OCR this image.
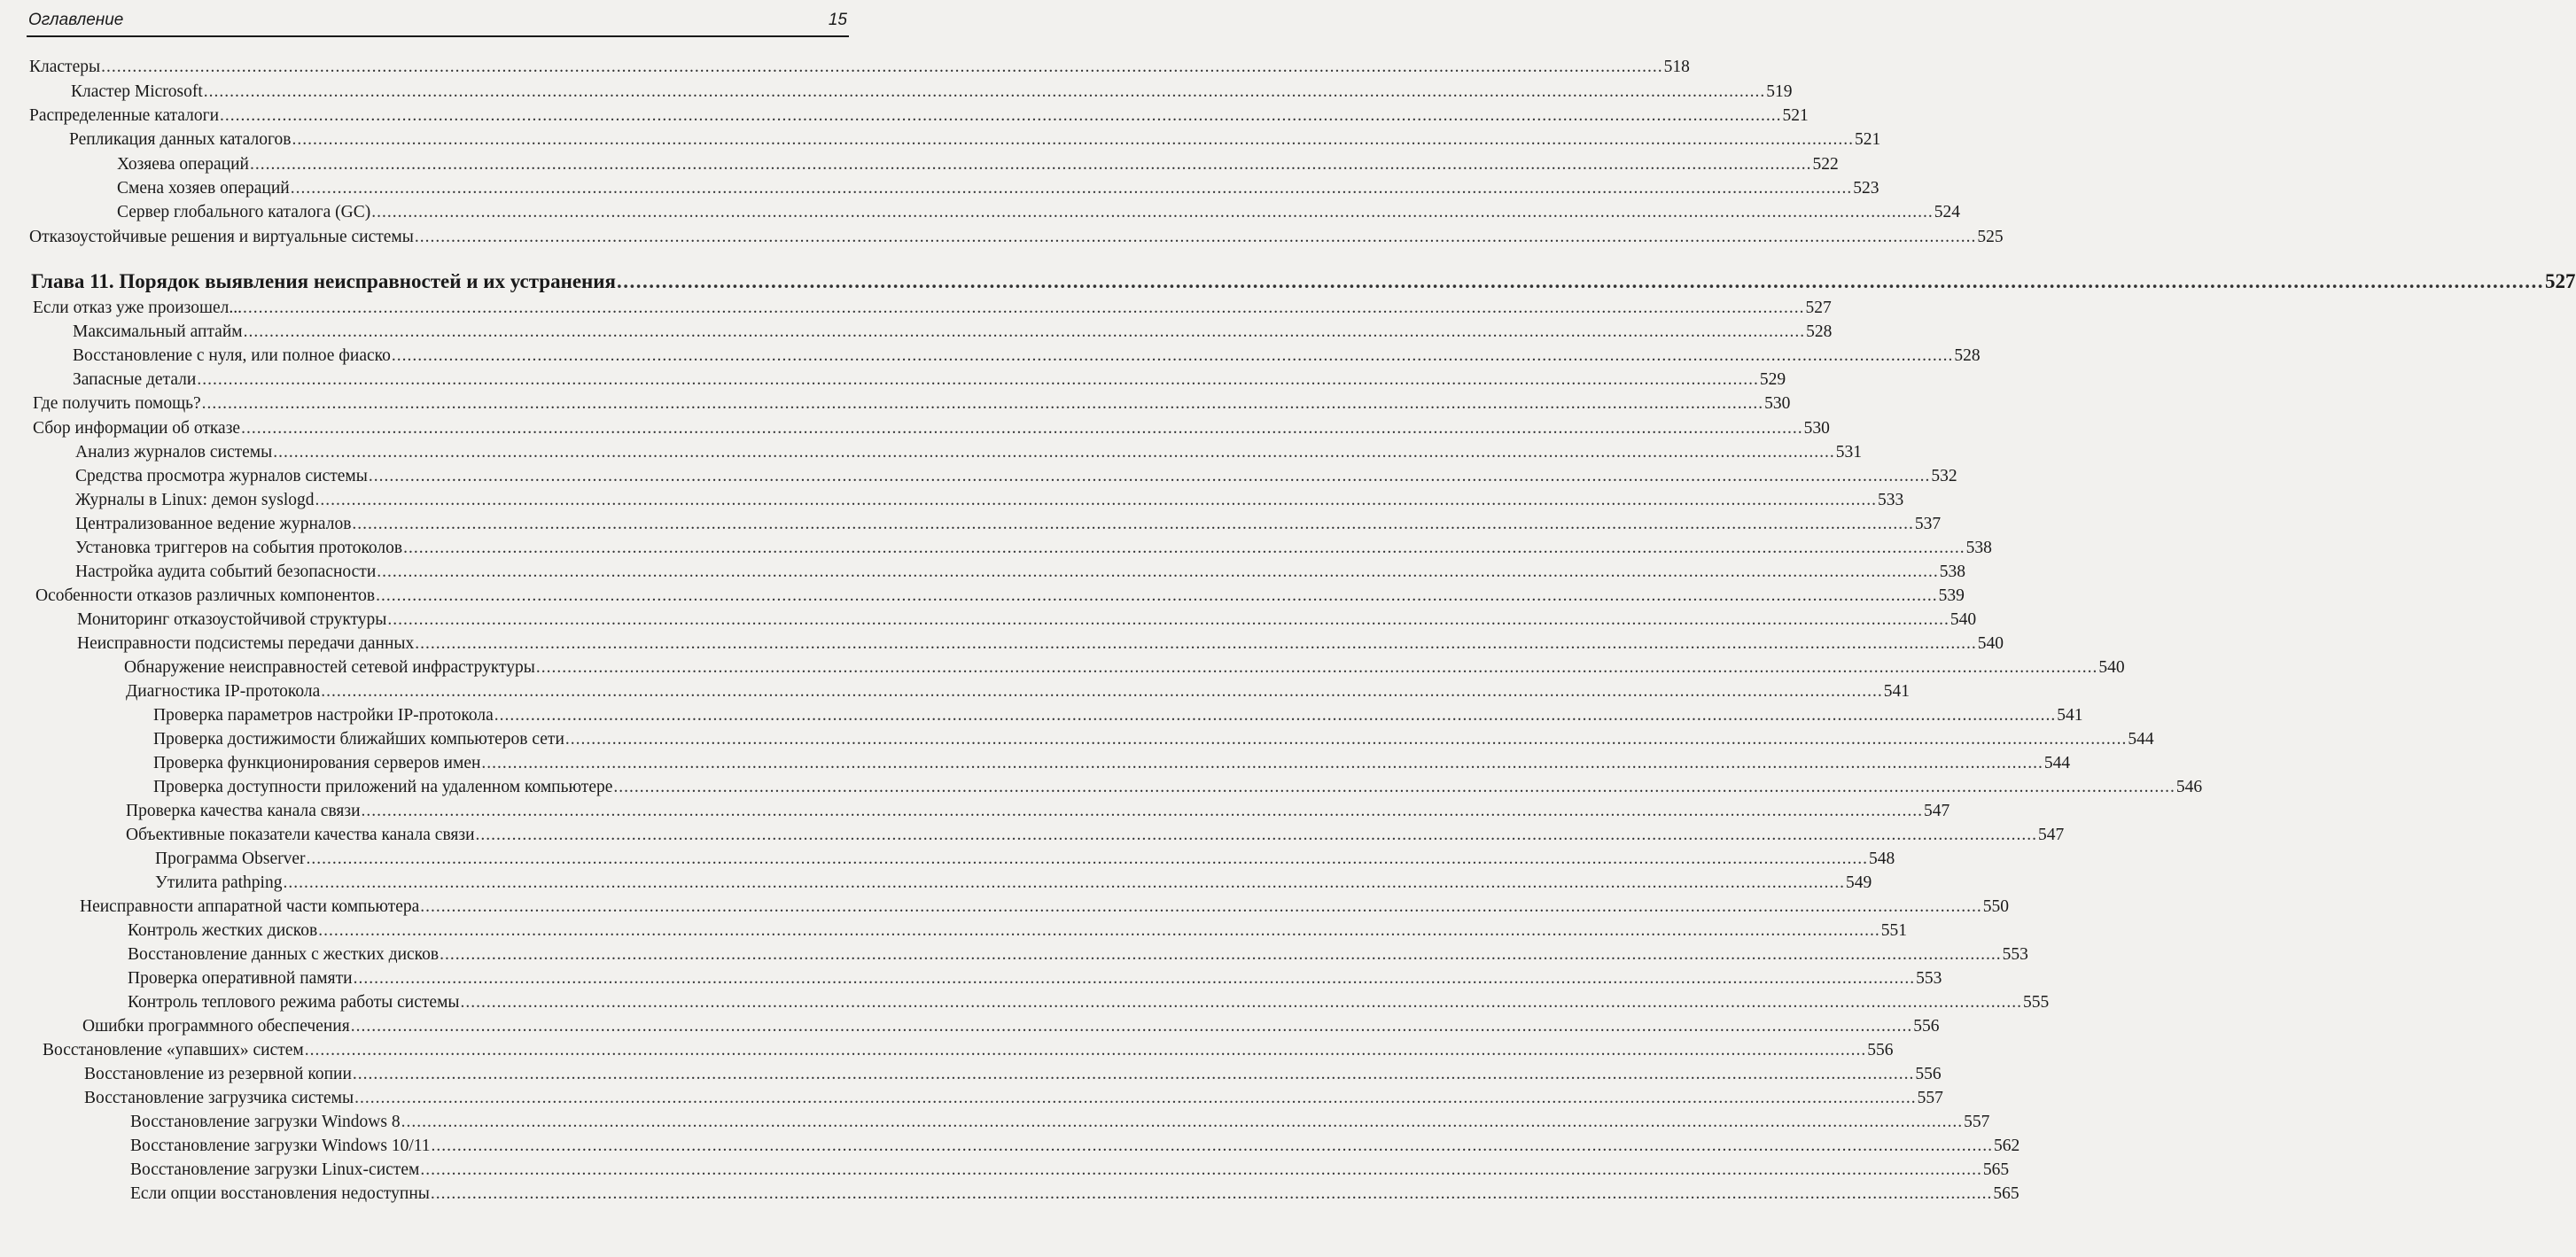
Оглавление	15
Кластеры ............................................................................................................................................................................................................................................................................................................ 518
Кластер Microsoft ............................................................................................................................................................................................................................................................................................................ 519
Распределенные каталоги ............................................................................................................................................................................................................................................................................................................ 521
Репликация данных каталогов ............................................................................................................................................................................................................................................................................................................ 521
Хозяева операций ............................................................................................................................................................................................................................................................................................................ 522
Смена хозяев операций ............................................................................................................................................................................................................................................................................................................ 523
Сервер глобального каталога (GC) ............................................................................................................................................................................................................................................................................................................ 524
Отказоустойчивые решения и виртуальные системы ............................................................................................................................................................................................................................................................................................................ 525
Глава 11. Порядок выявления неисправностей и их устранения ............................................................................................................................................................................................................................................................................................................ 527
Если отказ уже произошел... ............................................................................................................................................................................................................................................................................................................ 527
Максимальный аптайм ............................................................................................................................................................................................................................................................................................................ 528
Восстановление с нуля, или полное фиаско ............................................................................................................................................................................................................................................................................................................ 528
Запасные детали ............................................................................................................................................................................................................................................................................................................ 529
Где получить помощь? ............................................................................................................................................................................................................................................................................................................ 530
Сбор информации об отказе ............................................................................................................................................................................................................................................................................................................ 530
Анализ журналов системы ............................................................................................................................................................................................................................................................................................................ 531
Средства просмотра журналов системы ............................................................................................................................................................................................................................................................................................................ 532
Журналы в Linux: демон syslogd ............................................................................................................................................................................................................................................................................................................ 533
Централизованное ведение журналов ............................................................................................................................................................................................................................................................................................................ 537
Установка триггеров на события протоколов ............................................................................................................................................................................................................................................................................................................ 538
Настройка аудита событий безопасности ............................................................................................................................................................................................................................................................................................................ 538
Особенности отказов различных компонентов ............................................................................................................................................................................................................................................................................................................ 539
Мониторинг отказоустойчивой структуры ............................................................................................................................................................................................................................................................................................................ 540
Неисправности подсистемы передачи данных ............................................................................................................................................................................................................................................................................................................ 540
Обнаружение неисправностей сетевой инфраструктуры ............................................................................................................................................................................................................................................................................................................ 540
Диагностика IP-протокола ............................................................................................................................................................................................................................................................................................................ 541
Проверка параметров настройки IP-протокола ............................................................................................................................................................................................................................................................................................................ 541
Проверка достижимости ближайших компьютеров сети ............................................................................................................................................................................................................................................................................................................ 544
Проверка функционирования серверов имен ............................................................................................................................................................................................................................................................................................................ 544
Проверка доступности приложений на удаленном компьютере ............................................................................................................................................................................................................................................................................................................ 546
Проверка качества канала связи ............................................................................................................................................................................................................................................................................................................ 547
Объективные показатели качества канала связи ............................................................................................................................................................................................................................................................................................................ 547
Программа Observer ............................................................................................................................................................................................................................................................................................................ 548
Утилита pathping ............................................................................................................................................................................................................................................................................................................ 549
Неисправности аппаратной части компьютера ............................................................................................................................................................................................................................................................................................................ 550
Контроль жестких дисков ............................................................................................................................................................................................................................................................................................................ 551
Восстановление данных с жестких дисков ............................................................................................................................................................................................................................................................................................................ 553
Проверка оперативной памяти ............................................................................................................................................................................................................................................................................................................ 553
Контроль теплового режима работы системы ............................................................................................................................................................................................................................................................................................................ 555
Ошибки программного обеспечения ............................................................................................................................................................................................................................................................................................................ 556
Восстановление «упавших» систем ............................................................................................................................................................................................................................................................................................................ 556
Восстановление из резервной копии ............................................................................................................................................................................................................................................................................................................ 556
Восстановление загрузчика системы ............................................................................................................................................................................................................................................................................................................ 557
Восстановление загрузки Windows 8 ............................................................................................................................................................................................................................................................................................................ 557
Восстановление загрузки Windows 10/11 ............................................................................................................................................................................................................................................................................................................ 562
Восстановление загрузки Linux-систем ............................................................................................................................................................................................................................................................................................................ 565
Если опции восстановления недоступны ............................................................................................................................................................................................................................................................................................................ 565
